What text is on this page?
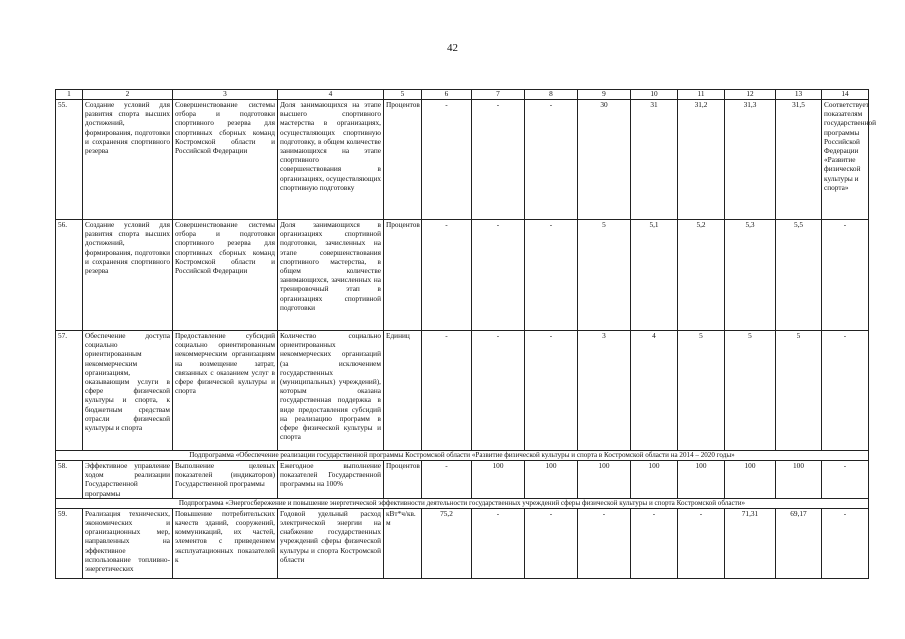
42
1	2	3	4	5	6	7	8	9	10	11	12	13	14
55.	Создание условий для развития спорта высших достижений, формирования, подготовки и сохранения спортивного резерва	Совершенствование системы отбора и подготовки спортивного резерва для спортивных сборных команд Костромской области и Российской Федерации	Доля занимающихся на этапе высшего спортивного мастерства в организациях, осуществляющих спортивную подготовку, в общем количестве занимающихся на этапе спортивного совершенствования в организациях, осуществляющих спортивную подготовку	Процентов	-	-	-	30	31	31,2	31,3	31,5	Соответствует показателям государственной программы Российской Федерации «Развитие физической культуры и спорта»
56.	Создание условий для развития спорта высших достижений, формирования, подготовки и сохранения спортивного резерва	Совершенствование системы отбора и подготовки спортивного резерва для спортивных сборных команд Костромской области и Российской Федерации	Доля занимающихся в организациях спортивной подготовки, зачисленных на этапе совершенствования спортивного мастерства, в общем количестве занимающихся, зачисленных на тренировочный этап в организациях спортивной подготовки	Процентов	-	-	-	5	5,1	5,2	5,3	5,5	-
57.	Обеспечение доступа социально ориентированным некоммерческим организациям, оказывающим услуги в сфере физической культуры и спорта, к бюджетным средствам отрасли физической культуры и спорта	Предоставление субсидий социально ориентированным некоммерческим организациям на возмещение затрат, связанных с оказанием услуг в сфере физической культуры и спорта	Количество социально ориентированных некоммерческих организаций (за исключением государственных (муниципальных) учреждений), которым оказана государственная поддержка в виде предоставления субсидий на реализацию программ в сфере физической культуры и спорта	Единиц	-	-	-	3	4	5	5	5	-
Подпрограмма «Обеспечение реализации государственной программы Костромской области «Развитие физической культуры и спорта в Костромской области на 2014 – 2020 годы»													
58.	Эффективное управление ходом реализации Государственной программы	Выполнение целевых показателей (индикаторов) Государственной программы	Ежегодное выполнение показателей Государственной программы на 100%	Процентов	-	100	100	100	100	100	100	100	-
Подпрограмма «Энергосбережение и повышение энергетической эффективности деятельности государственных учреждений сферы физической культуры и спорта Костромской области»													
59.	Реализация технических, экономических и организационных мер, направленных на эффективное использование топливно-энергетических	Повышение потребительских качеств зданий, сооружений, коммуникаций, их частей, элементов с приведением эксплуатационных показателей к	Годовой удельный расход электрической энергии на снабжение государственных учреждений сферы физической культуры и спорта Костромской области	кВт*ч/кв. м	75,2	-	-	-	-	-	71,31	69,17	-
